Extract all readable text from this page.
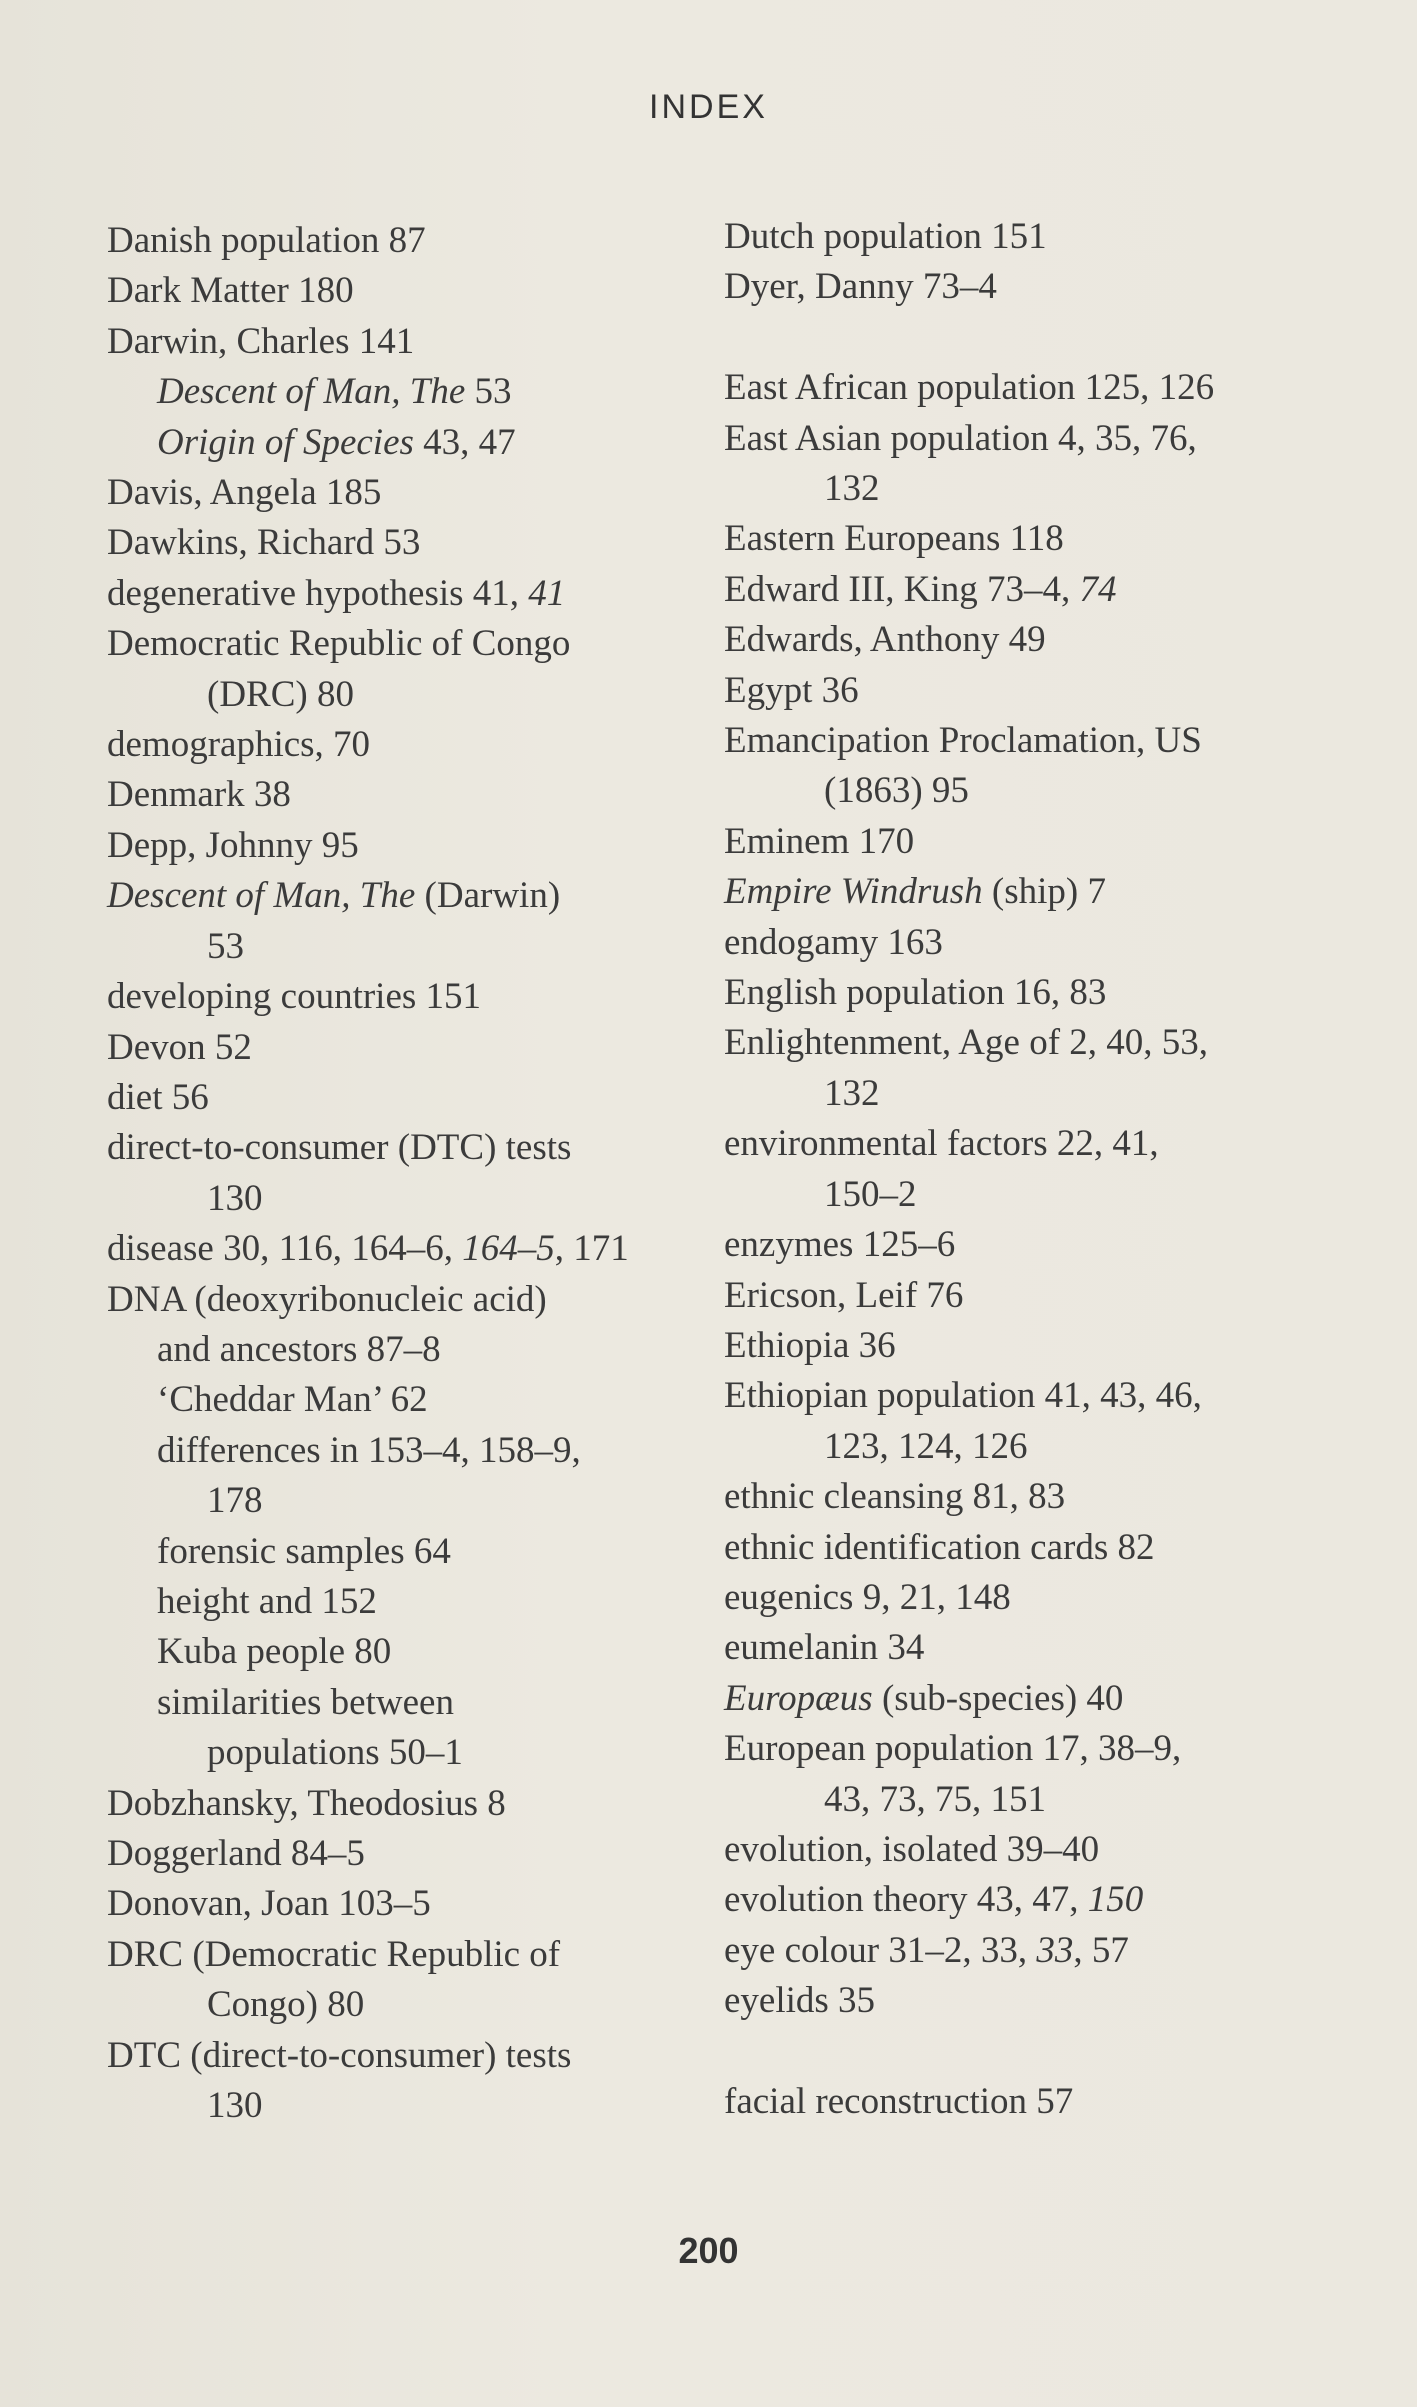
INDEX
Danish population 87
Dark Matter 180
Darwin, Charles 141
Descent of Man, The 53
Origin of Species 43, 47
Davis, Angela 185
Dawkins, Richard 53
degenerative hypothesis 41, 41
Democratic Republic of Congo
(DRC) 80
demographics, 70
Denmark 38
Depp, Johnny 95
Descent of Man, The (Darwin)
53
developing countries 151
Devon 52
diet 56
direct-to-consumer (DTC) tests
130
disease 30, 116, 164–6, 164–5, 171
DNA (deoxyribonucleic acid)
and ancestors 87–8
‘Cheddar Man’ 62
differences in 153–4, 158–9,
178
forensic samples 64
height and 152
Kuba people 80
similarities between
populations 50–1
Dobzhansky, Theodosius 8
Doggerland 84–5
Donovan, Joan 103–5
DRC (Democratic Republic of
Congo) 80
DTC (direct-to-consumer) tests
130
Dutch population 151
Dyer, Danny 73–4
East African population 125, 126
East Asian population 4, 35, 76,
132
Eastern Europeans 118
Edward III, King 73–4, 74
Edwards, Anthony 49
Egypt 36
Emancipation Proclamation, US
(1863) 95
Eminem 170
Empire Windrush (ship) 7
endogamy 163
English population 16, 83
Enlightenment, Age of 2, 40, 53,
132
environmental factors 22, 41,
150–2
enzymes 125–6
Ericson, Leif 76
Ethiopia 36
Ethiopian population 41, 43, 46,
123, 124, 126
ethnic cleansing 81, 83
ethnic identification cards 82
eugenics 9, 21, 148
eumelanin 34
Europæus (sub-species) 40
European population 17, 38–9,
43, 73, 75, 151
evolution, isolated 39–40
evolution theory 43, 47, 150
eye colour 31–2, 33, 33, 57
eyelids 35
facial reconstruction 57
200
